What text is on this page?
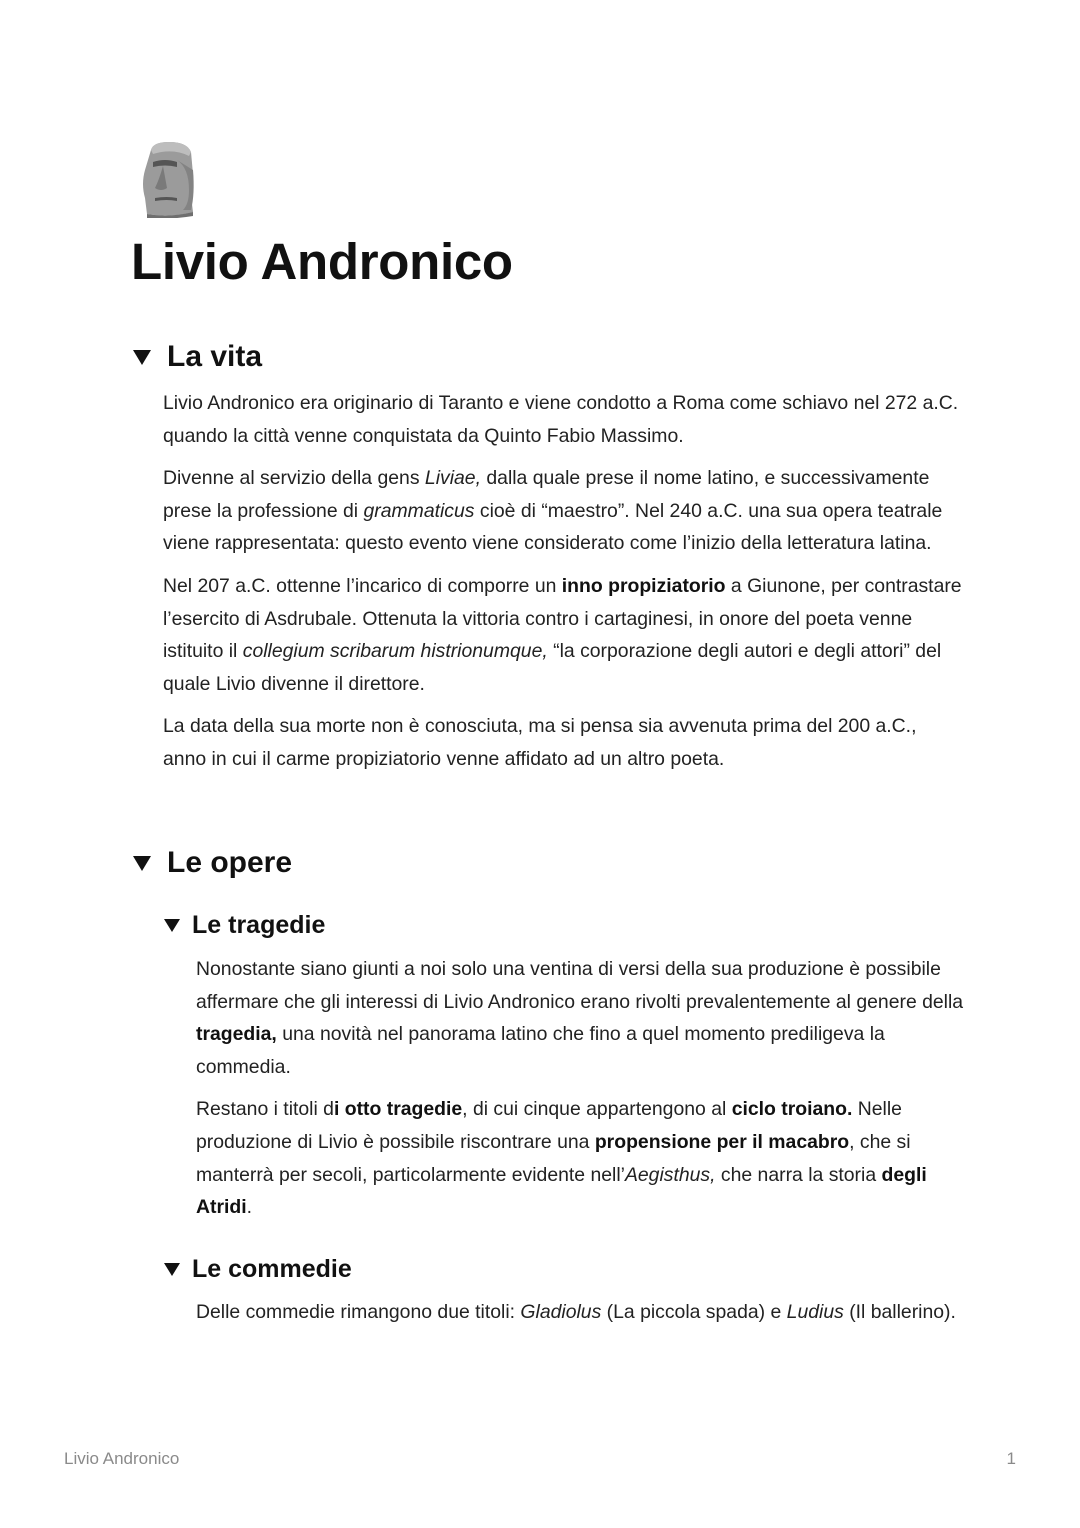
Livio Andronico
La vita

Livio Andronico era originario di Taranto e viene condotto a Roma come schiavo nel 272 a.C. quando la città venne conquistata da Quinto Fabio Massimo.

Divenne al servizio della gens Liviae, dalla quale prese il nome latino, e successivamente prese la professione di grammaticus cioè di “maestro”. Nel 240 a.C. una sua opera teatrale viene rappresentata: questo evento viene considerato come l’inizio della letteratura latina.

Nel 207 a.C. ottenne l’incarico di comporre un inno propiziatorio a Giunone, per contrastare l’esercito di Asdrubale. Ottenuta la vittoria contro i cartaginesi, in onore del poeta venne istituito il collegium scribarum histrionumque, “la corporazione degli autori e degli attori” del quale Livio divenne il direttore.

La data della sua morte non è conosciuta, ma si pensa sia avvenuta prima del 200 a.C., anno in cui il carme propiziatorio venne affidato ad un altro poeta.

Le opere
Le tragedie

Nonostante siano giunti a noi solo una ventina di versi della sua produzione è possibile affermare che gli interessi di Livio Andronico erano rivolti prevalentemente al genere della tragedia, una novità nel panorama latino che fino a quel momento prediligeva la commedia.

Restano i titoli di otto tragedie, di cui cinque appartengono al ciclo troiano. Nelle produzione di Livio è possibile riscontrare una propensione per il macabro, che si manterrà per secoli, particolarmente evidente nell’Aegisthus, che narra la storia degli Atridi.

Le commedie

Delle commedie rimangono due titoli: Gladiolus (La piccola spada) e Ludius (Il ballerino).

Livio Andronico	1
